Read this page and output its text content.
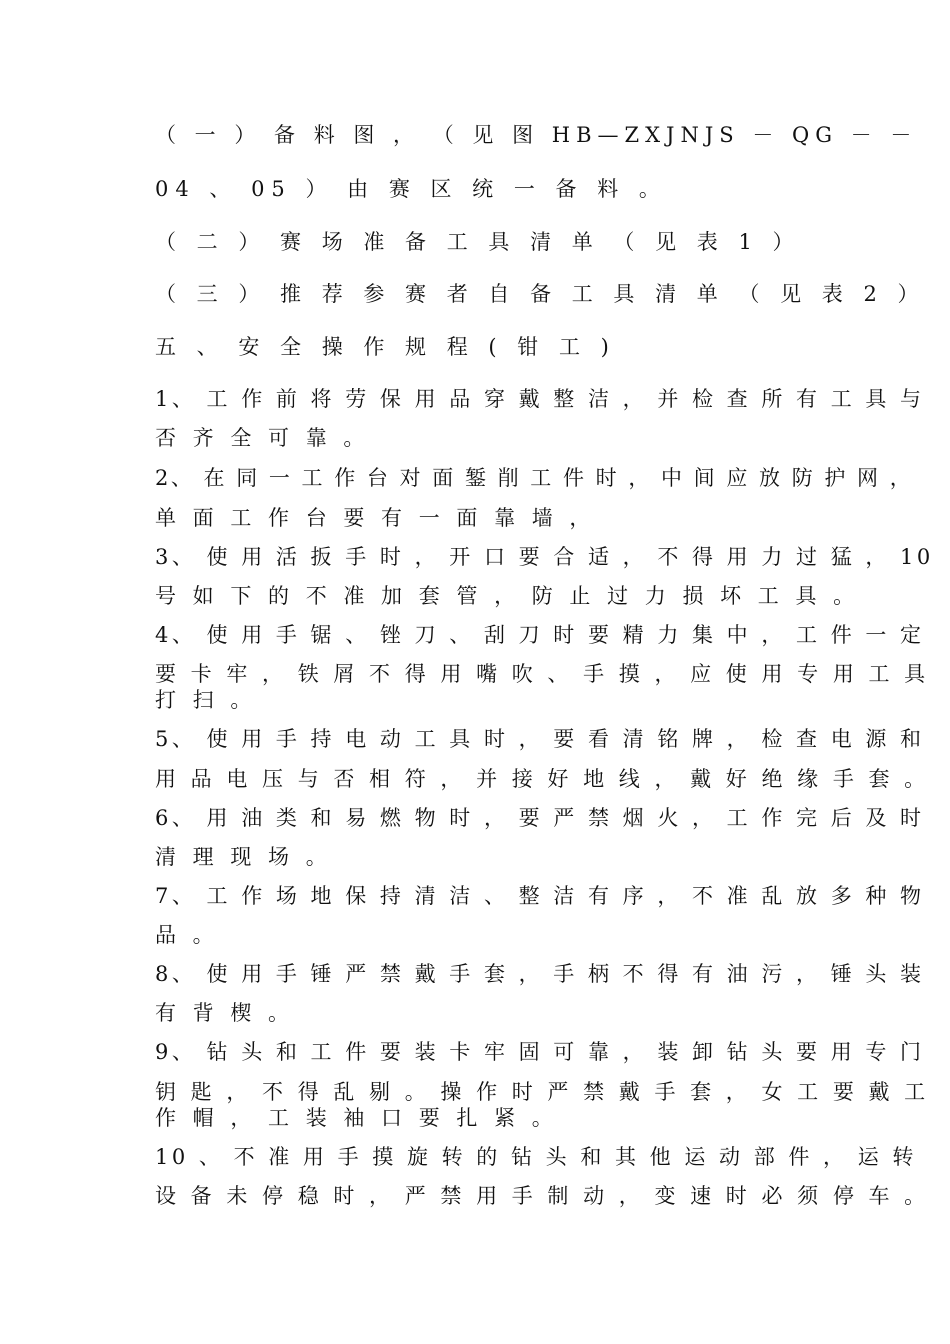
（ 一 ） 备 料 图 ， （ 见 图 HB—ZXJNJS － QG － －

04 、 05 ） 由 赛 区 统 一 备 料 。

（ 二 ） 赛 场 准 备 工 具 清 单 （ 见 表 1 ）

（ 三 ） 推 荐 参 赛 者 自 备 工 具 清 单 （ 见 表 2 ）

五 、 安 全 操 作 规 程 ( 钳 工 )

1、 工 作 前 将 劳 保 用 品 穿 戴 整 洁 ， 并 检 查 所 有 工 具 与

否 齐 全 可 靠 。

2、 在 同 一 工 作 台 对 面 錾 削 工 件 时 ， 中 间 应 放 防 护 网 ，

单 面 工 作 台 要 有 一 面 靠 墙 ，

3、 使 用 活 扳 手 时 ， 开 口 要 合 适 ， 不 得 用 力 过 猛 ， 10

号 如 下 的 不 准 加 套 管 ， 防 止 过 力 损 坏 工 具 。

4、 使 用 手 锯 、 锉 刀 、 刮 刀 时 要 精 力 集 中 ， 工 件 一 定

要 卡 牢 ， 铁 屑 不 得 用 嘴 吹 、 手 摸 ， 应 使 用 专 用 工 具

打 扫 。

5、 使 用 手 持 电 动 工 具 时 ， 要 看 清 铭 牌 ， 检 查 电 源 和

用 品 电 压 与 否 相 符 ， 并 接 好 地 线 ， 戴 好 绝 缘 手 套 。

6、 用 油 类 和 易 燃 物 时 ， 要 严 禁 烟 火 ， 工 作 完 后 及 时

清 理 现 场 。

7、 工 作 场 地 保 持 清 洁 、 整 洁 有 序 ， 不 准 乱 放 多 种 物

品 。

8、 使 用 手 锤 严 禁 戴 手 套 ， 手 柄 不 得 有 油 污 ， 锤 头 装

有 背 楔 。

9、 钻 头 和 工 件 要 装 卡 牢 固 可 靠 ， 装 卸 钻 头 要 用 专 门

钥 匙 ， 不 得 乱 剔 。 操 作 时 严 禁 戴 手 套 ， 女 工 要 戴 工

作 帽 ， 工 装 袖 口 要 扎 紧 。

10 、 不 准 用 手 摸 旋 转 的 钻 头 和 其 他 运 动 部 件 ， 运 转

设 备 未 停 稳 时 ， 严 禁 用 手 制 动 ， 变 速 时 必 须 停 车 。
